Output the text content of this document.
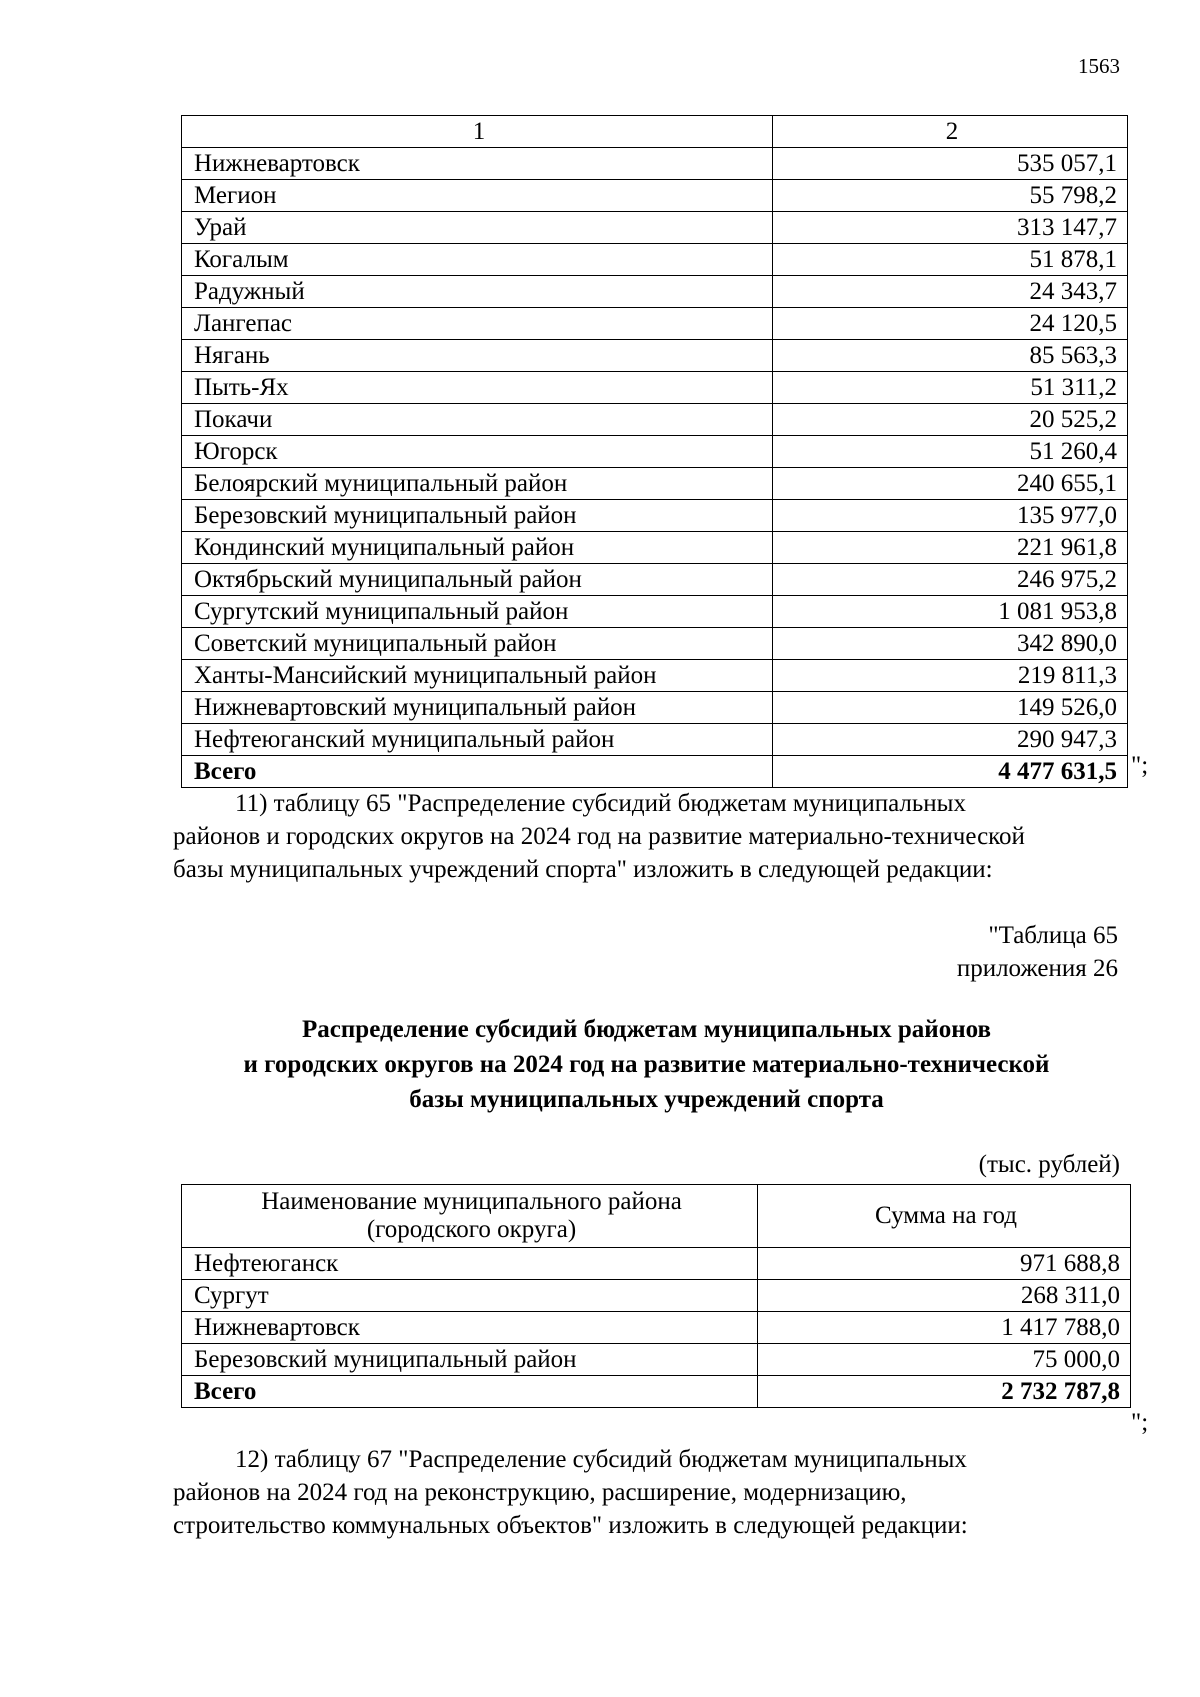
1563
1	2
Нижневартовск	535 057,1
Мегион	55 798,2
Урай	313 147,7
Когалым	51 878,1
Радужный	24 343,7
Лангепас	24 120,5
Нягань	85 563,3
Пыть-Ях	51 311,2
Покачи	20 525,2
Югорск	51 260,4
Белоярский муниципальный район	240 655,1
Березовский муниципальный район	135 977,0
Кондинский муниципальный район	221 961,8
Октябрьский муниципальный район	246 975,2
Сургутский муниципальный район	1 081 953,8
Советский муниципальный район	342 890,0
Ханты-Мансийский муниципальный район	219 811,3
Нижневартовский муниципальный район	149 526,0
Нефтеюганский муниципальный район	290 947,3
Всего	4 477 631,5 ";

11) таблицу 65 "Распределение субсидий бюджетам муниципальных

районов и городских округов на 2024 год на развитие материально-технической

базы муниципальных учреждений спорта" изложить в следующей редакции:

"Таблица 65
приложения 26
Распределение субсидий бюджетам муниципальных районов
и городских округов на 2024 год на развитие материально-технической
базы муниципальных учреждений спорта
(тыс. рублей)
Наименование муниципального района
(городского округа)	Сумма на год
Нефтеюганск	971 688,8
Сургут	268 311,0
Нижневартовск	1 417 788,0
Березовский муниципальный район	75 000,0
Всего	2 732 787,8
";

12) таблицу 67 "Распределение субсидий бюджетам муниципальных

районов на 2024 год на реконструкцию, расширение, модернизацию,

строительство коммунальных объектов" изложить в следующей редакции:
